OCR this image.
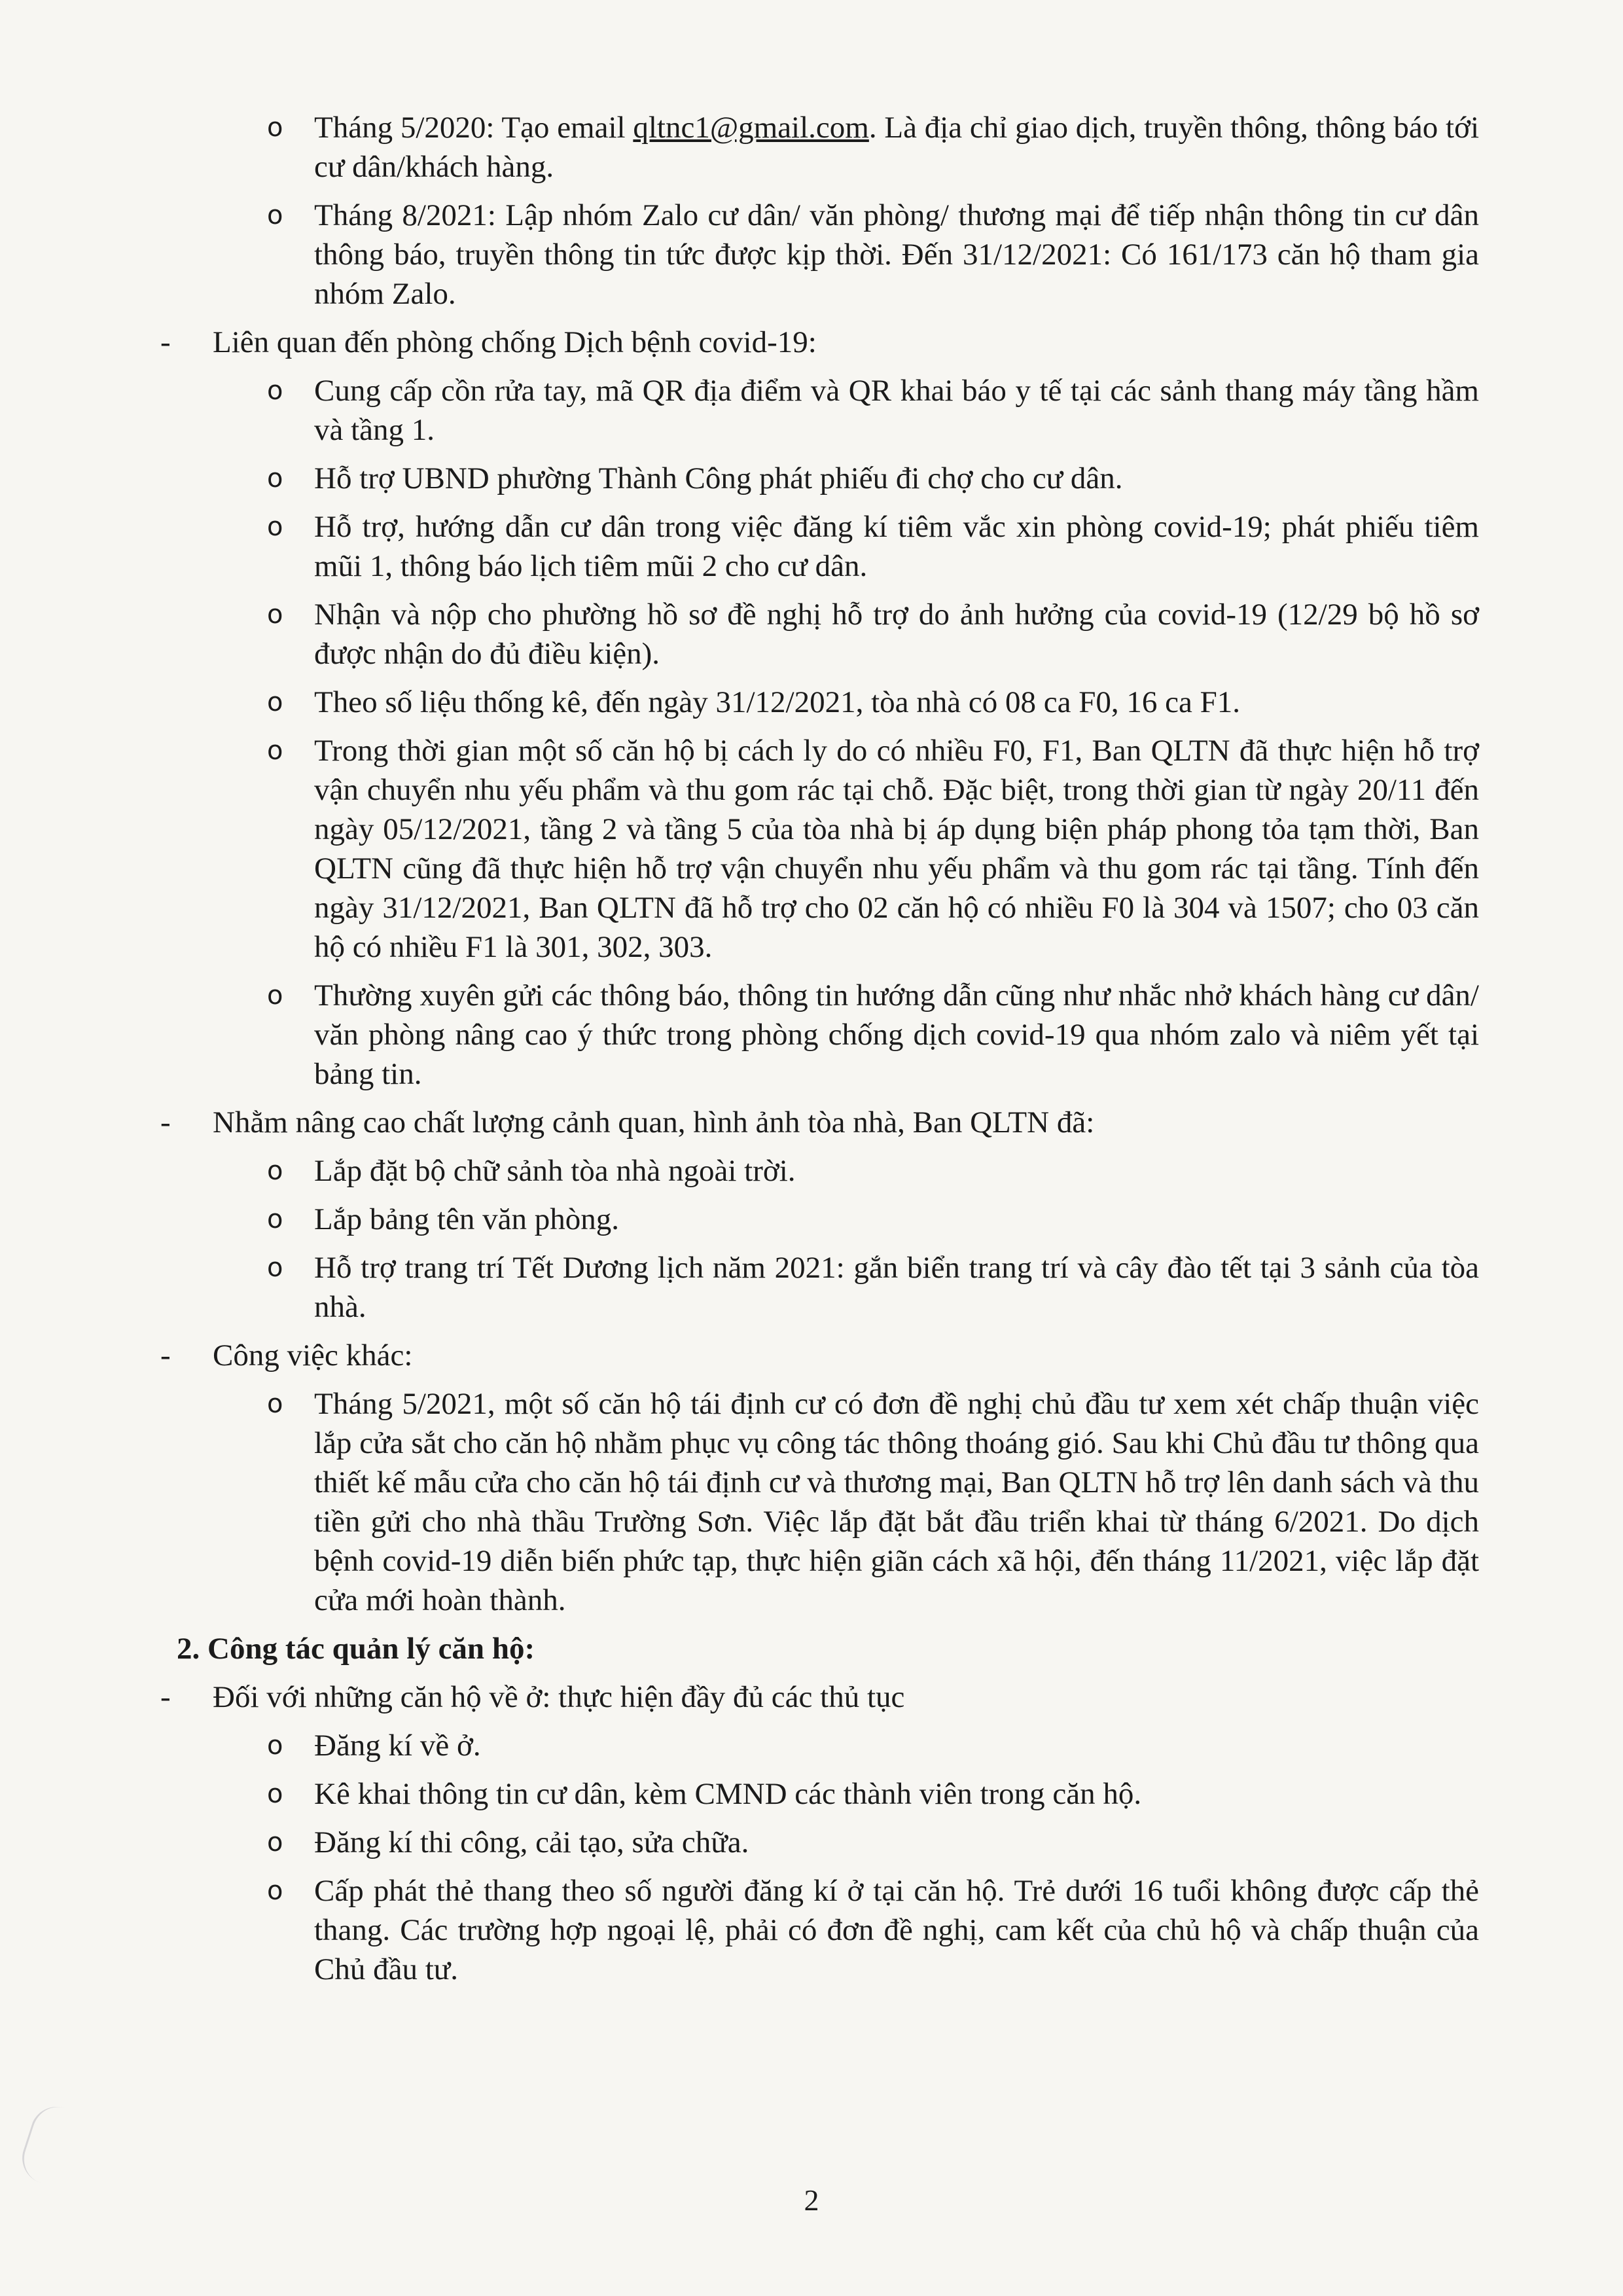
o Tháng 5/2020: Tạo email qltnc1@gmail.com. Là địa chỉ giao dịch, truyền thông, thông báo tới cư dân/khách hàng.
o Tháng 8/2021: Lập nhóm Zalo cư dân/ văn phòng/ thương mại để tiếp nhận thông tin cư dân thông báo, truyền thông tin tức được kịp thời. Đến 31/12/2021: Có 161/173 căn hộ tham gia nhóm Zalo.
- Liên quan đến phòng chống Dịch bệnh covid-19:
o Cung cấp cồn rửa tay, mã QR địa điểm và QR khai báo y tế tại các sảnh thang máy tầng hầm và tầng 1.
o Hỗ trợ UBND phường Thành Công phát phiếu đi chợ cho cư dân.
o Hỗ trợ, hướng dẫn cư dân trong việc đăng kí tiêm vắc xin phòng covid-19; phát phiếu tiêm mũi 1, thông báo lịch tiêm mũi 2 cho cư dân.
o Nhận và nộp cho phường hồ sơ đề nghị hỗ trợ do ảnh hưởng của covid-19 (12/29 bộ hồ sơ được nhận do đủ điều kiện).
o Theo số liệu thống kê, đến ngày 31/12/2021, tòa nhà có 08 ca F0, 16 ca F1.
o Trong thời gian một số căn hộ bị cách ly do có nhiều F0, F1, Ban QLTN đã thực hiện hỗ trợ vận chuyển nhu yếu phẩm và thu gom rác tại chỗ. Đặc biệt, trong thời gian từ ngày 20/11 đến ngày 05/12/2021, tầng 2 và tầng 5 của tòa nhà bị áp dụng biện pháp phong tỏa tạm thời, Ban QLTN cũng đã thực hiện hỗ trợ vận chuyển nhu yếu phẩm và thu gom rác tại tầng. Tính đến ngày 31/12/2021, Ban QLTN đã hỗ trợ cho 02 căn hộ có nhiều F0 là 304 và 1507; cho 03 căn hộ có nhiều F1 là 301, 302, 303.
o Thường xuyên gửi các thông báo, thông tin hướng dẫn cũng như nhắc nhở khách hàng cư dân/ văn phòng nâng cao ý thức trong phòng chống dịch covid-19 qua nhóm zalo và niêm yết tại bảng tin.
- Nhằm nâng cao chất lượng cảnh quan, hình ảnh tòa nhà, Ban QLTN đã:
o Lắp đặt bộ chữ sảnh tòa nhà ngoài trời.
o Lắp bảng tên văn phòng.
o Hỗ trợ trang trí Tết Dương lịch năm 2021: gắn biển trang trí và cây đào tết tại 3 sảnh của tòa nhà.
- Công việc khác:
o Tháng 5/2021, một số căn hộ tái định cư có đơn đề nghị chủ đầu tư xem xét chấp thuận việc lắp cửa sắt cho căn hộ nhằm phục vụ công tác thông thoáng gió. Sau khi Chủ đầu tư thông qua thiết kế mẫu cửa cho căn hộ tái định cư và thương mại, Ban QLTN hỗ trợ lên danh sách và thu tiền gửi cho nhà thầu Trường Sơn. Việc lắp đặt bắt đầu triển khai từ tháng 6/2021. Do dịch bệnh covid-19 diễn biến phức tạp, thực hiện giãn cách xã hội, đến tháng 11/2021, việc lắp đặt cửa mới hoàn thành.
2. Công tác quản lý căn hộ:
- Đối với những căn hộ về ở: thực hiện đầy đủ các thủ tục
o Đăng kí về ở.
o Kê khai thông tin cư dân, kèm CMND các thành viên trong căn hộ.
o Đăng kí thi công, cải tạo, sửa chữa.
o Cấp phát thẻ thang theo số người đăng kí ở tại căn hộ. Trẻ dưới 16 tuổi không được cấp thẻ thang. Các trường hợp ngoại lệ, phải có đơn đề nghị, cam kết của chủ hộ và chấp thuận của Chủ đầu tư.
2
